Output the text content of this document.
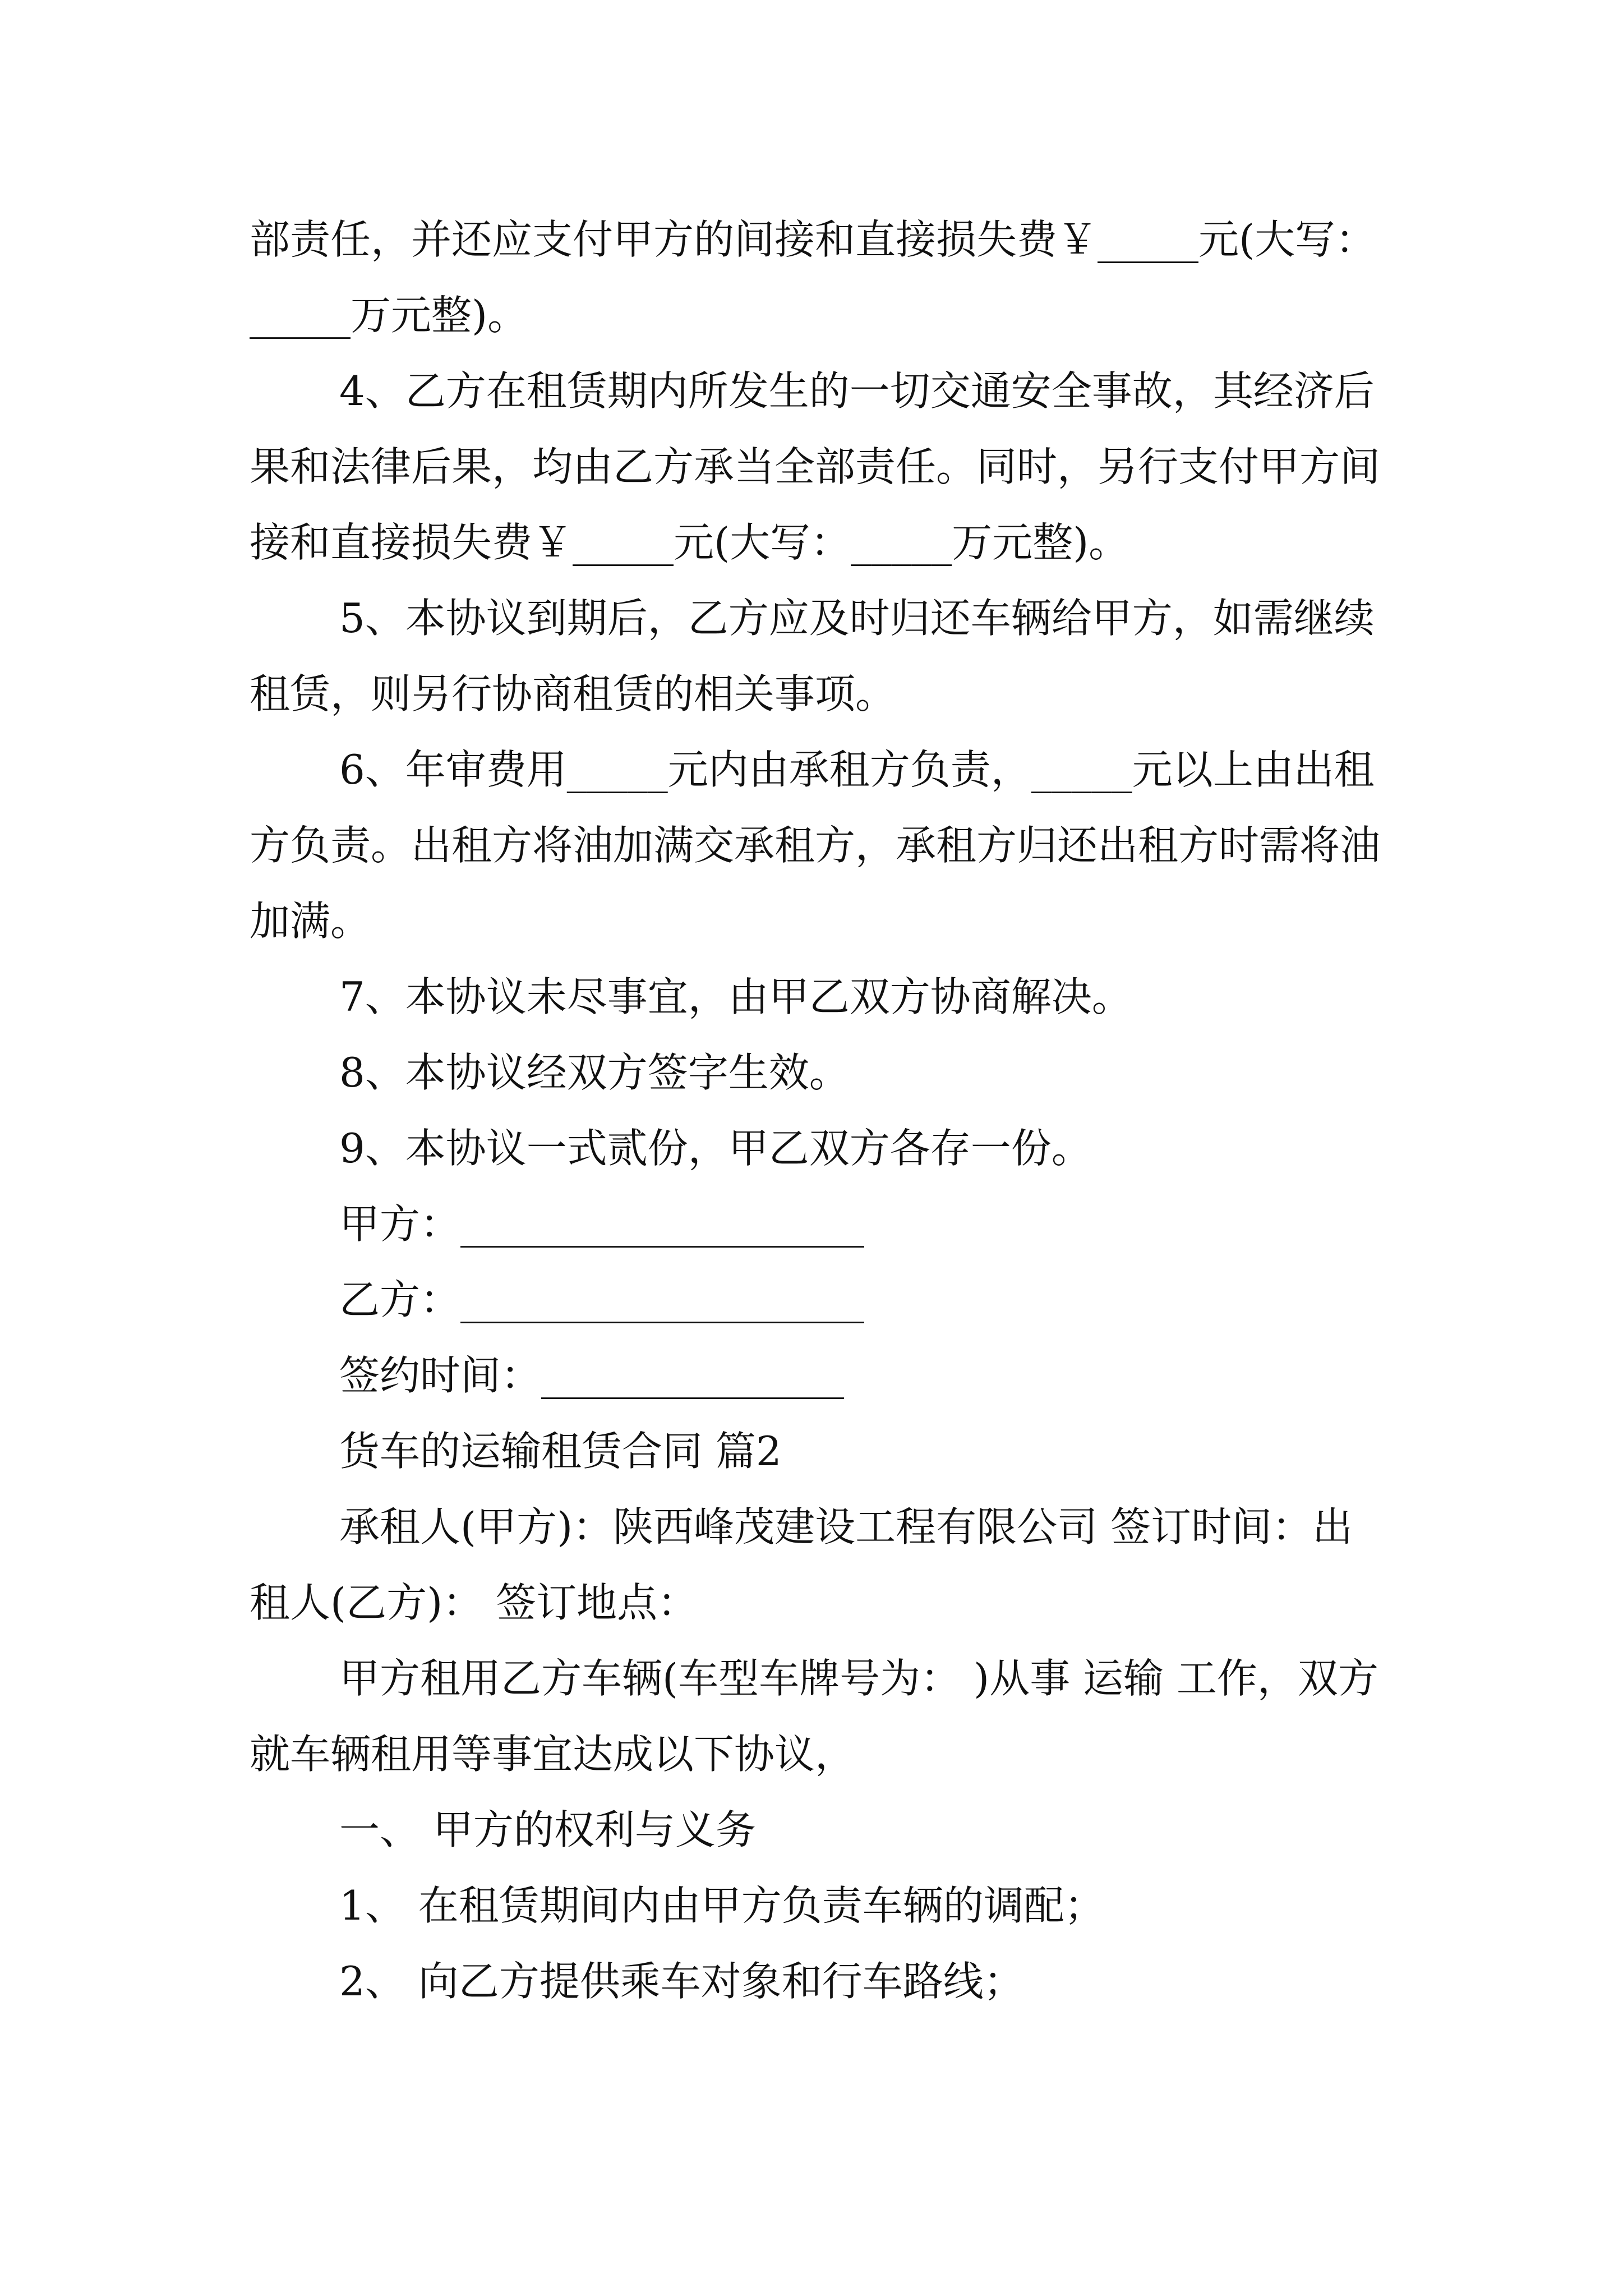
部责任，并还应支付甲方的间接和直接损失费￥_____元(大写：_____万元整)。

4、乙方在租赁期内所发生的一切交通安全事故，其经济后果和法律后果，均由乙方承当全部责任。同时，另行支付甲方间接和直接损失费￥_____元(大写：_____万元整)。

5、本协议到期后，乙方应及时归还车辆给甲方，如需继续租赁，则另行协商租赁的相关事项。

6、年审费用_____元内由承租方负责，_____元以上由出租方负责。出租方将油加满交承租方，承租方归还出租方时需将油加满。

7、本协议未尽事宜，由甲乙双方协商解决。

8、本协议经双方签字生效。

9、本协议一式贰份，甲乙双方各存一份。

甲方：____________________

乙方：____________________

签约时间：_______________

货车的运输租赁合同 篇2

承租人(甲方)：陕西峰茂建设工程有限公司 签订时间：出租人(乙方)： 签订地点：

甲方租用乙方车辆(车型车牌号为： )从事 运输 工作，双方就车辆租用等事宜达成以下协议，

一、 甲方的权利与义务

1、 在租赁期间内由甲方负责车辆的调配；

2、 向乙方提供乘车对象和行车路线；
